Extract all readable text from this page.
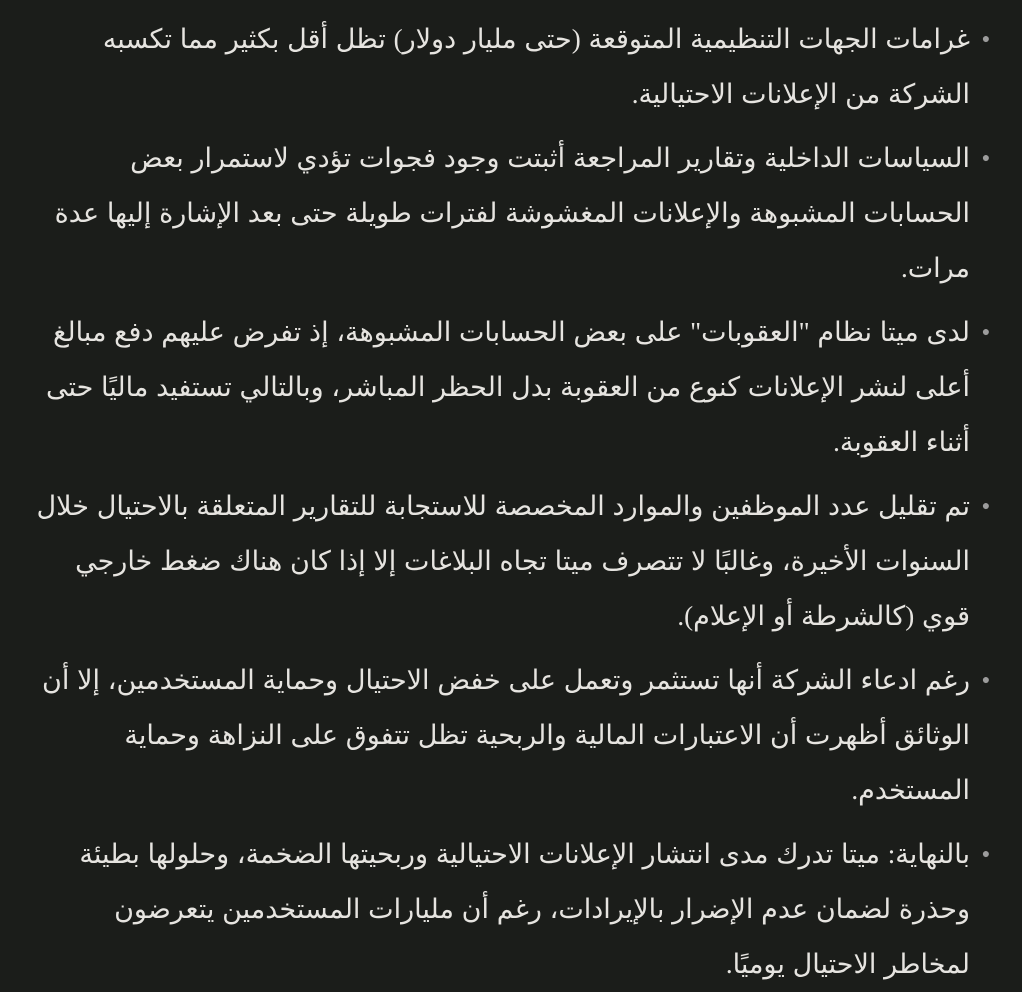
●
غرامات الجهات التنظيمية المتوقعة (حتى مليار دولار) تظل أقل بكثير مما تكسبه الشركة من الإعلانات الاحتيالية.
●
السياسات الداخلية وتقارير المراجعة أثبتت وجود فجوات تؤدي لاستمرار بعض الحسابات المشبوهة والإعلانات المغشوشة لفترات طويلة حتى بعد الإشارة إليها عدة مرات.
●
لدى ميتا نظام "العقوبات" على بعض الحسابات المشبوهة، إذ تفرض عليهم دفع مبالغ أعلى لنشر الإعلانات كنوع من العقوبة بدل الحظر المباشر، وبالتالي تستفيد ماليًا حتى أثناء العقوبة.
●
تم تقليل عدد الموظفين والموارد المخصصة للاستجابة للتقارير المتعلقة بالاحتيال خلال السنوات الأخيرة، وغالبًا لا تتصرف ميتا تجاه البلاغات إلا إذا كان هناك ضغط خارجي قوي (كالشرطة أو الإعلام).
●
رغم ادعاء الشركة أنها تستثمر وتعمل على خفض الاحتيال وحماية المستخدمين، إلا أن الوثائق أظهرت أن الاعتبارات المالية والربحية تظل تتفوق على النزاهة وحماية المستخدم.
●
بالنهاية: ميتا تدرك مدى انتشار الإعلانات الاحتيالية وربحيتها الضخمة، وحلولها بطيئة وحذرة لضمان عدم الإضرار بالإيرادات، رغم أن مليارات المستخدمين يتعرضون لمخاطر الاحتيال يوميًا.
